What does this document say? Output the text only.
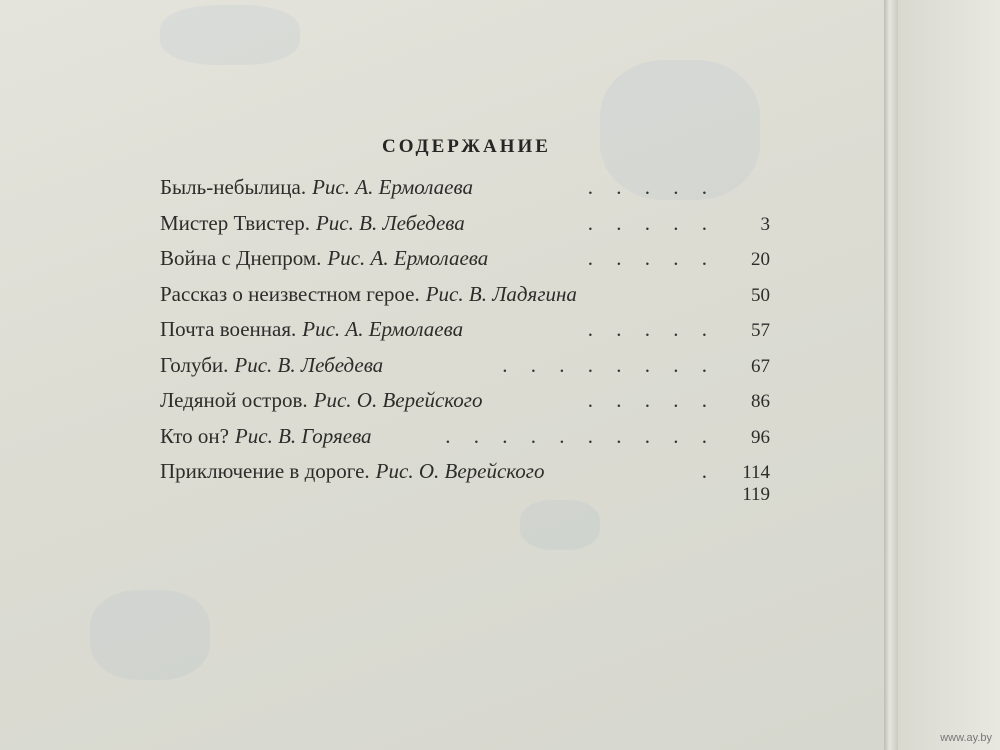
СОДЕРЖАНИЕ
Быль-небылица. Рис. А. Ермолаева	. . . . .
Мистер Твистер. Рис. В. Лебедева	. . . . .	3
Война с Днепром. Рис. А. Ермолаева	. . . . .	20
Рассказ о неизвестном герое. Рис. В. Ладягина	50
Почта военная. Рис. А. Ермолаева	. . . . .	57
Голуби. Рис. В. Лебедева	. . . . . . . .	67
Ледяной остров. Рис. О. Верейского	. . . . .	86
Кто он? Рис. В. Горяева	. . . . . . . . . .	96
Приключение в дороге. Рис. О. Верейского	.	114
119
www.ay.by
